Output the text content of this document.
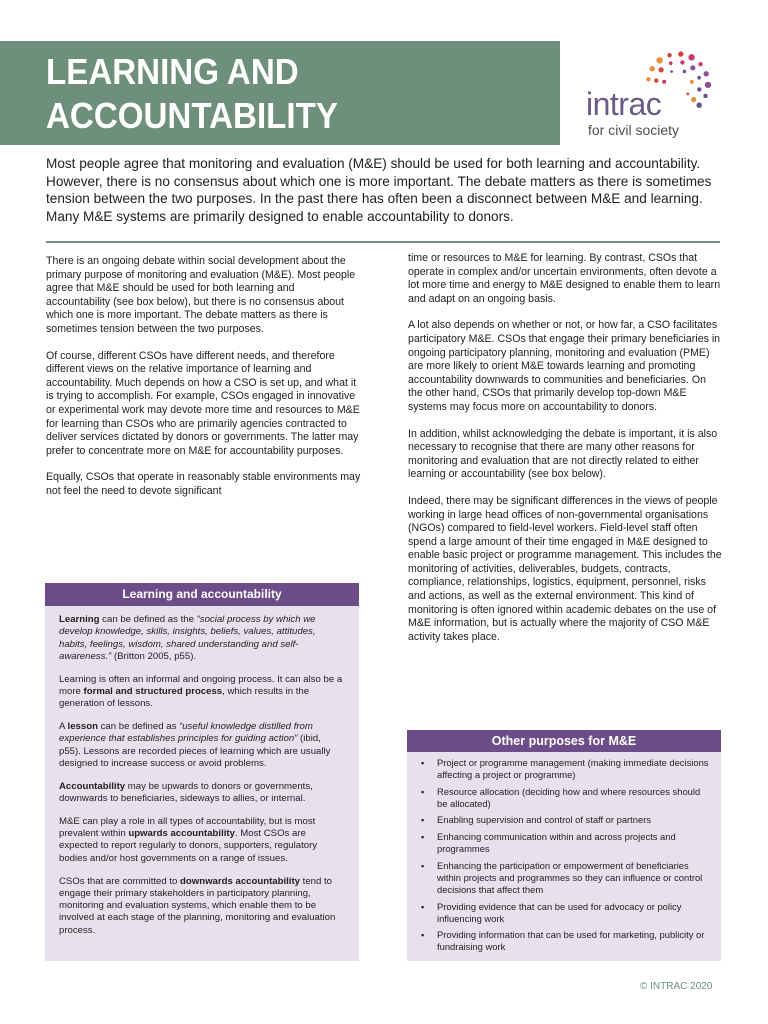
LEARNING AND
ACCOUNTABILITY	intrac
for civil society

Most people agree that monitoring and evaluation (M&E) should be used for both learning and accountability. However, there is no consensus about which one is more important. The debate matters as there is sometimes tension between the two purposes. In the past there has often been a disconnect between M&E and learning. Many M&E systems are primarily designed to enable accountability to donors.

There is an ongoing debate within social development about the primary purpose of monitoring and evaluation (M&E). Most people agree that M&E should be used for both learning and accountability (see box below), but there is no consensus about which one is more important. The debate matters as there is sometimes tension between the two purposes.

Of course, different CSOs have different needs, and therefore different views on the relative importance of learning and accountability. Much depends on how a CSO is set up, and what it is trying to accomplish. For example, CSOs engaged in innovative or experimental work may devote more time and resources to M&E for learning than CSOs who are primarily agencies contracted to deliver services dictated by donors or governments. The latter may prefer to concentrate more on M&E for accountability purposes.

Equally, CSOs that operate in reasonably stable environments may not feel the need to devote significant

time or resources to M&E for learning. By contrast, CSOs that operate in complex and/or uncertain environments, often devote a lot more time and energy to M&E designed to enable them to learn and adapt on an ongoing basis.

A lot also depends on whether or not, or how far, a CSO facilitates participatory M&E. CSOs that engage their primary beneficiaries in ongoing participatory planning, monitoring and evaluation (PME) are more likely to orient M&E towards learning and promoting accountability downwards to communities and beneficiaries. On the other hand, CSOs that primarily develop top-down M&E systems may focus more on accountability to donors.

In addition, whilst acknowledging the debate is important, it is also necessary to recognise that there are many other reasons for monitoring and evaluation that are not directly related to either learning or accountability (see box below).

Indeed, there may be significant differences in the views of people working in large head offices of non-governmental organisations (NGOs) compared to field-level workers. Field-level staff often spend a large amount of their time engaged in M&E designed to enable basic project or programme management. This includes the monitoring of activities, deliverables, budgets, contracts, compliance, relationships, logistics, equipment, personnel, risks and actions, as well as the external environment. This kind of monitoring is often ignored within academic debates on the use of M&E information, but is actually where the majority of CSO M&E activity takes place.

Learning and accountability

Learning can be defined as the “social process by which we develop knowledge, skills, insights, beliefs, values, attitudes, habits, feelings, wisdom, shared understanding and self-awareness.” (Britton 2005, p55).

Learning is often an informal and ongoing process. It can also be a more formal and structured process, which results in the generation of lessons.

A lesson can be defined as “useful knowledge distilled from experience that establishes principles for guiding action” (ibid, p55). Lessons are recorded pieces of learning which are usually designed to increase success or avoid problems.

Accountability may be upwards to donors or governments, downwards to beneficiaries, sideways to allies, or internal.

M&E can play a role in all types of accountability, but is most prevalent within upwards accountability. Most CSOs are expected to report regularly to donors, supporters, regulatory bodies and/or host governments on a range of issues.

CSOs that are committed to downwards accountability tend to engage their primary stakeholders in participatory planning, monitoring and evaluation systems, which enable them to be involved at each stage of the planning, monitoring and evaluation process.

Other purposes for M&E
▪ Project or programme management (making immediate decisions affecting a project or programme)
▪ Resource allocation (deciding how and where resources should be allocated)
▪ Enabling supervision and control of staff or partners
▪ Enhancing communication within and across projects and programmes
▪ Enhancing the participation or empowerment of beneficiaries within projects and programmes so they can influence or control decisions that affect them
▪ Providing evidence that can be used for advocacy or policy influencing work
▪ Providing information that can be used for marketing, publicity or fundraising work
© INTRAC 2020
